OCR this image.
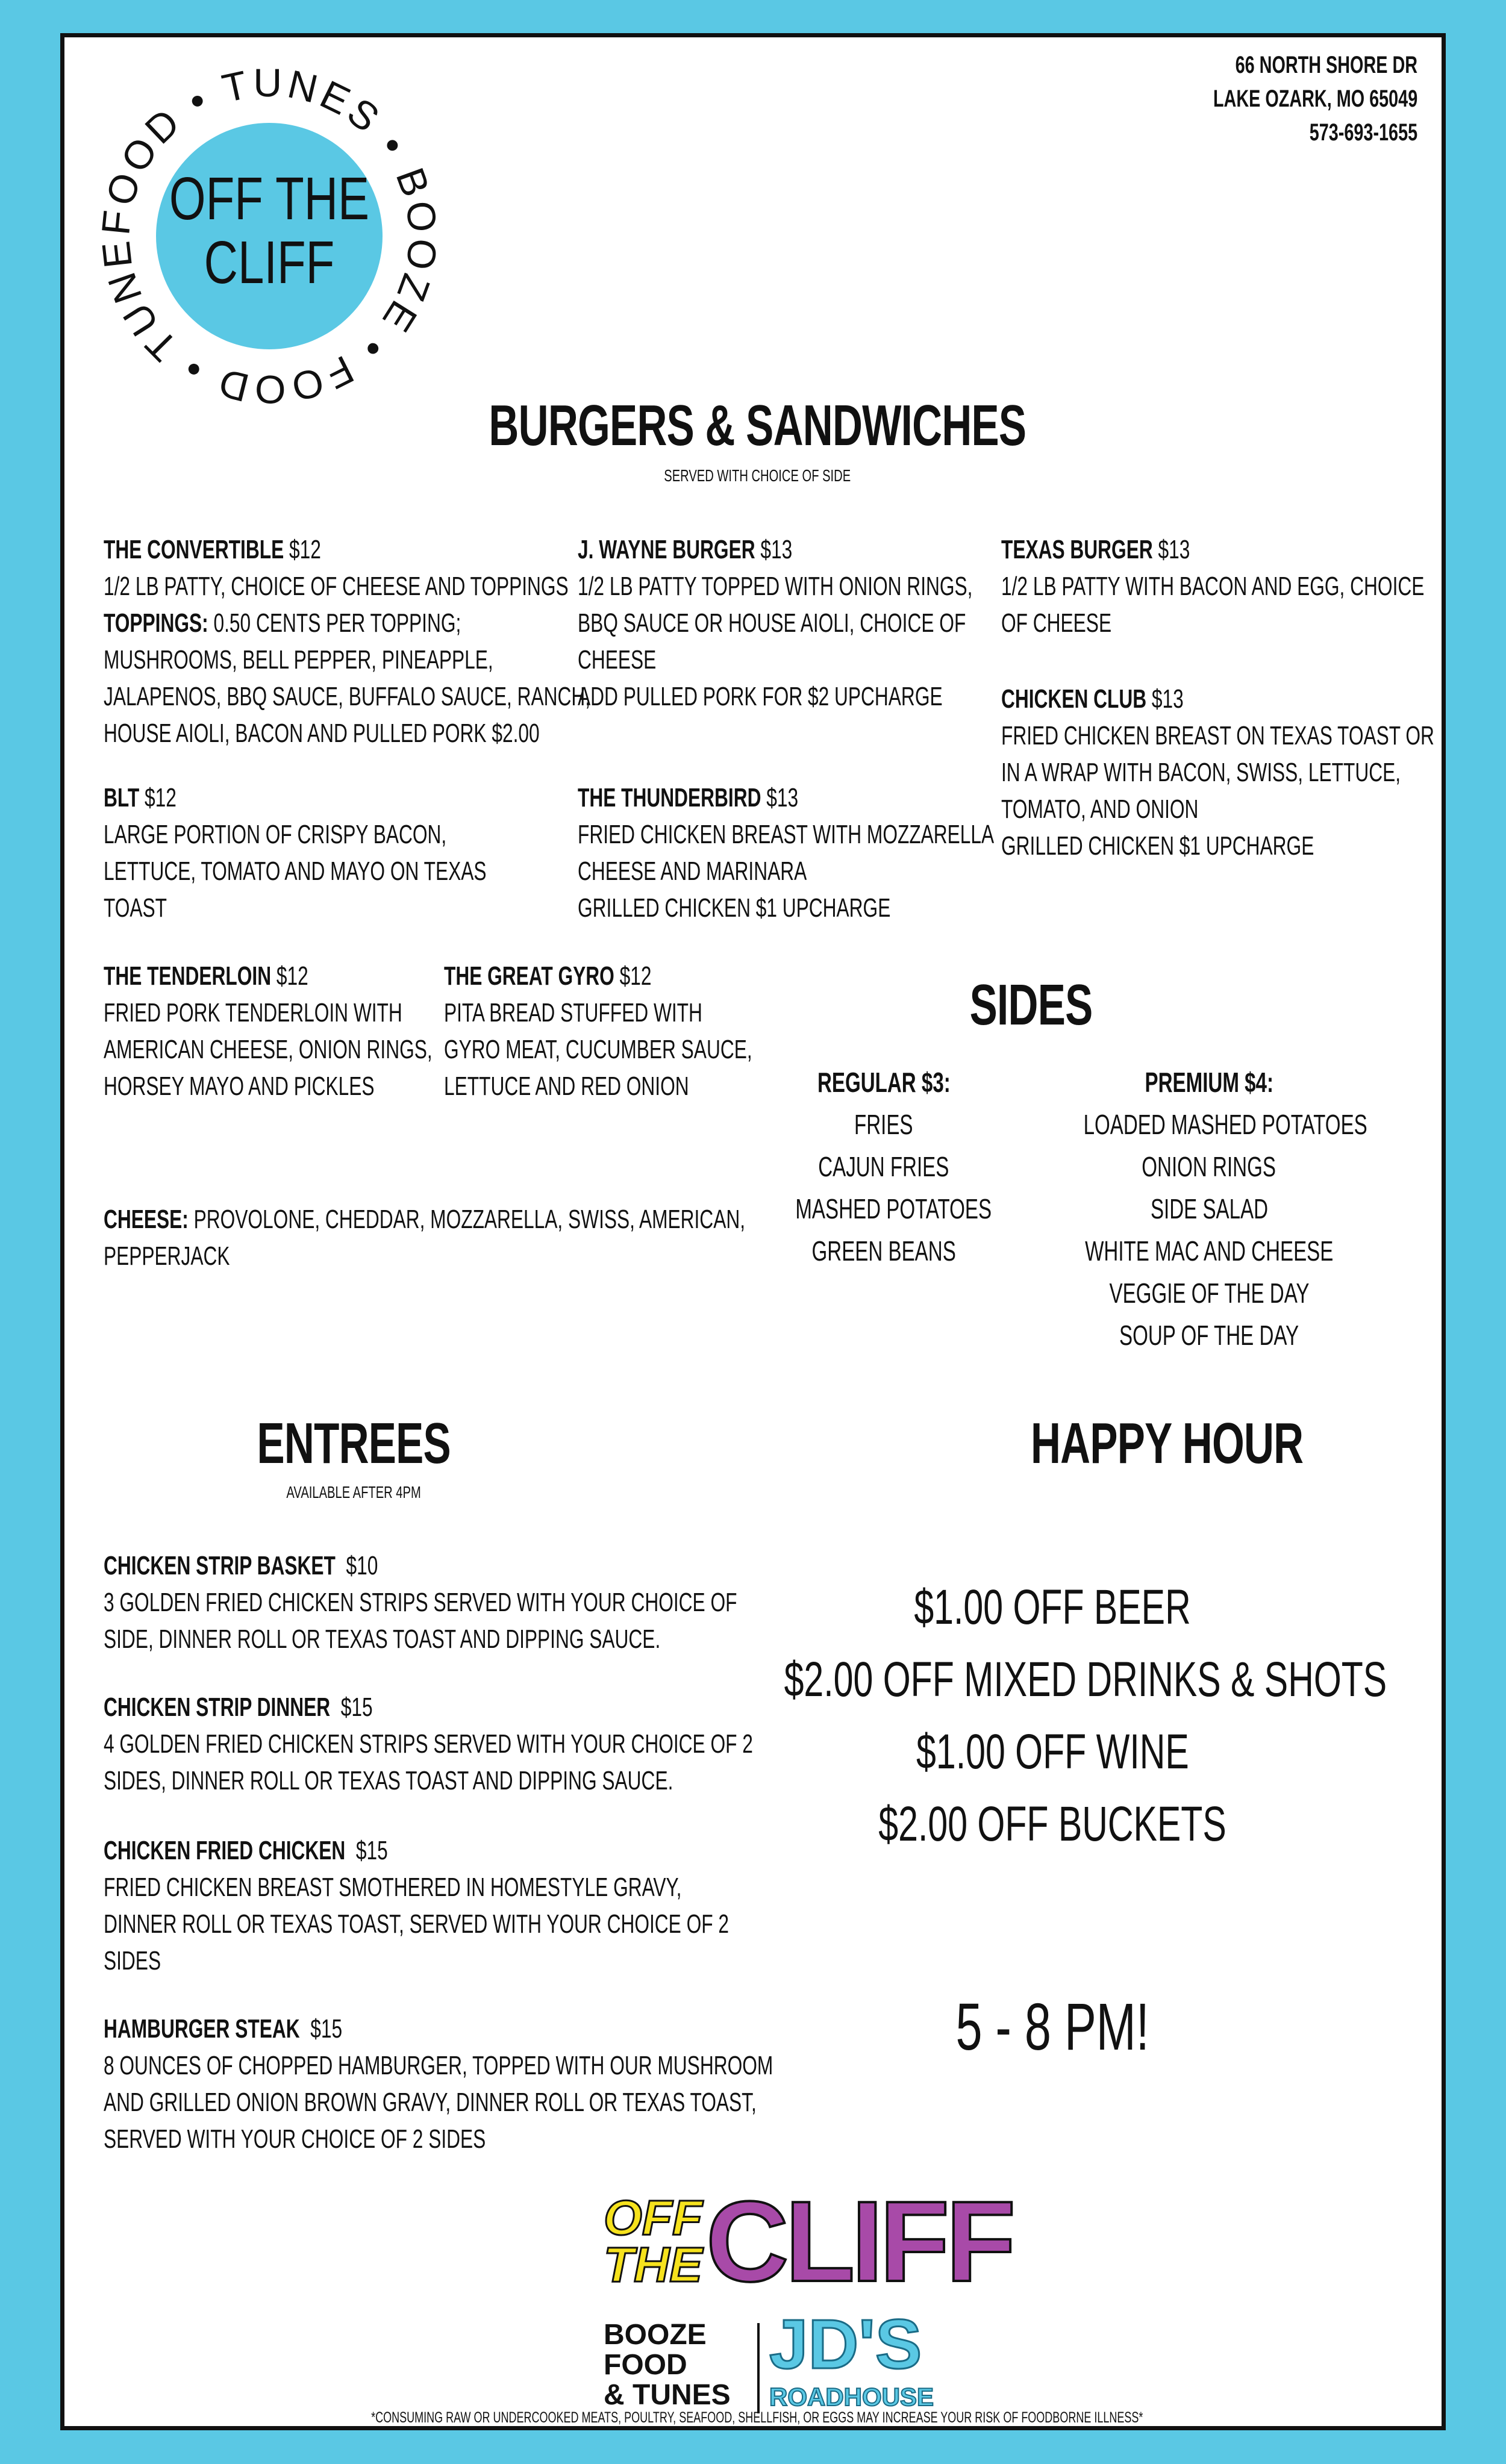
FOOD • TUNES • BOOZE • FOOD • TUNE
OFF THE
CLIFF
66 NORTH SHORE DR
LAKE OZARK, MO 65049
573-693-1655
BURGERS & SANDWICHES
SERVED WITH CHOICE OF SIDE
THE CONVERTIBLE $12
1/2 LB PATTY, CHOICE OF CHEESE AND TOPPINGS
TOPPINGS: 0.50 CENTS PER TOPPING;
MUSHROOMS, BELL PEPPER, PINEAPPLE,
JALAPENOS, BBQ SAUCE, BUFFALO SAUCE, RANCH,
HOUSE AIOLI, BACON AND PULLED PORK $2.00
BLT $12
LARGE PORTION OF CRISPY BACON,
LETTUCE, TOMATO AND MAYO ON TEXAS
TOAST
J. WAYNE BURGER $13
1/2 LB PATTY TOPPED WITH ONION RINGS,
BBQ SAUCE OR HOUSE AIOLI, CHOICE OF
CHEESE
ADD PULLED PORK FOR $2 UPCHARGE
THE THUNDERBIRD $13
FRIED CHICKEN BREAST WITH MOZZARELLA
CHEESE AND MARINARA
GRILLED CHICKEN $1 UPCHARGE
TEXAS BURGER $13
1/2 LB PATTY WITH BACON AND EGG, CHOICE
OF CHEESE
CHICKEN CLUB $13
FRIED CHICKEN BREAST ON TEXAS TOAST OR
IN A WRAP WITH BACON, SWISS, LETTUCE,
TOMATO, AND ONION
GRILLED CHICKEN $1 UPCHARGE
THE TENDERLOIN $12
FRIED PORK TENDERLOIN WITH
AMERICAN CHEESE, ONION RINGS,
HORSEY MAYO AND PICKLES
THE GREAT GYRO $12
PITA BREAD STUFFED WITH
GYRO MEAT, CUCUMBER SAUCE,
LETTUCE AND RED ONION
CHEESE: PROVOLONE, CHEDDAR, MOZZARELLA, SWISS, AMERICAN,
PEPPERJACK
SIDES
REGULAR $3:
FRIES
CAJUN FRIES
MASHED POTATOES
GREEN BEANS
PREMIUM $4:
LOADED MASHED POTATOES
ONION RINGS
SIDE SALAD
WHITE MAC AND CHEESE
VEGGIE OF THE DAY
SOUP OF THE DAY
ENTREES
AVAILABLE AFTER 4PM
CHICKEN STRIP BASKET $10
3 GOLDEN FRIED CHICKEN STRIPS SERVED WITH YOUR CHOICE OF
SIDE, DINNER ROLL OR TEXAS TOAST AND DIPPING SAUCE.
CHICKEN STRIP DINNER $15
4 GOLDEN FRIED CHICKEN STRIPS SERVED WITH YOUR CHOICE OF 2
SIDES, DINNER ROLL OR TEXAS TOAST AND DIPPING SAUCE.
CHICKEN FRIED CHICKEN $15
FRIED CHICKEN BREAST SMOTHERED IN HOMESTYLE GRAVY,
DINNER ROLL OR TEXAS TOAST, SERVED WITH YOUR CHOICE OF 2
SIDES
HAMBURGER STEAK $15
8 OUNCES OF CHOPPED HAMBURGER, TOPPED WITH OUR MUSHROOM
AND GRILLED ONION BROWN GRAVY, DINNER ROLL OR TEXAS TOAST,
SERVED WITH YOUR CHOICE OF 2 SIDES
HAPPY HOUR
$1.00 OFF BEER
$2.00 OFF MIXED DRINKS & SHOTS
$1.00 OFF WINE
$2.00 OFF BUCKETS
5 - 8 PM!
OFF
THE CLIFF
BOOZE
FOOD
& TUNES
JD'S
ROADHOUSE
*CONSUMING RAW OR UNDERCOOKED MEATS, POULTRY, SEAFOOD, SHELLFISH, OR EGGS MAY INCREASE YOUR RISK OF FOODBORNE ILLNESS*
